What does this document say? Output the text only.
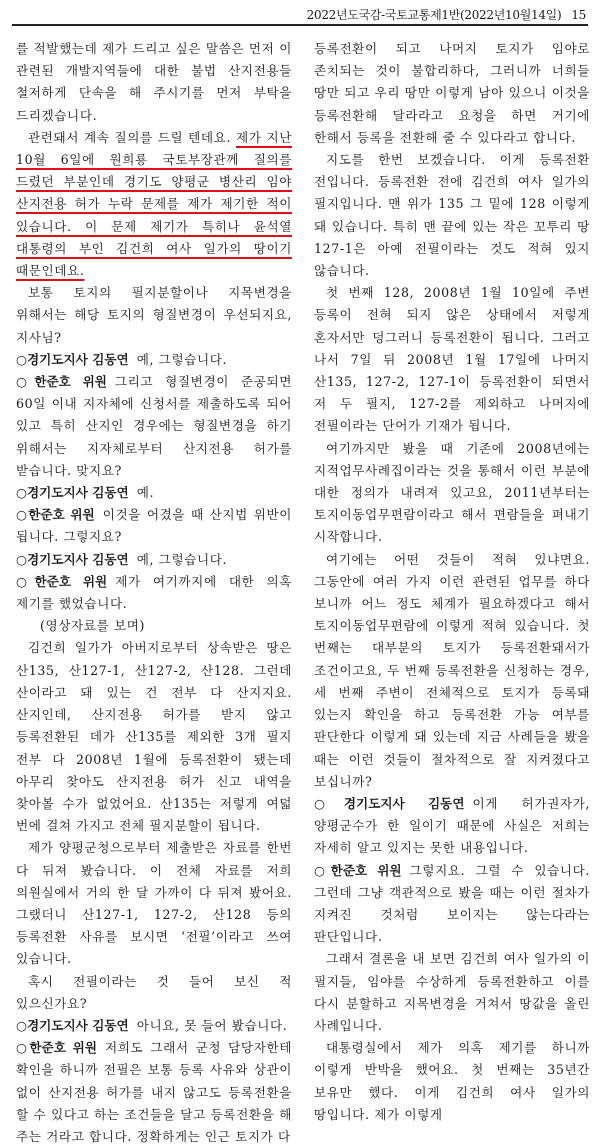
2022년도국감-국토교통제1반(2022년10월14일) 15

를 적발했는데 제가 드리고 싶은 말씀은 먼저 이 관련된 개발지역들에 대한 불법 산지전용들 철저하게 단속을 해 주시기를 먼저 부탁을 드리겠습니다.

관련돼서 계속 질의를 드릴 텐데요. 제가 지난 10월 6일에 원희룡 국토부장관께 질의를 드렸던 부분인데 경기도 양평군 병산리 임야 산지전용 허가 누락 문제를 제가 제기한 적이 있습니다. 이 문제 제기가 특히나 윤석열 대통령의 부인 김건희 여사 일가의 땅이기 때문인데요.

보통 토지의 필지분할이나 지목변경을 위해서는 해당 토지의 형질변경이 우선되지요, 지사님?

○경기도지사 김동연 예, 그렇습니다.

○한준호 위원 그리고 형질변경이 준공되면 60일 이내 지자체에 신청서를 제출하도록 되어 있고 특히 산지인 경우에는 형질변경을 하기 위해서는 지자체로부터 산지전용 허가를 받습니다. 맞지요?

○경기도지사 김동연 예.

○한준호 위원 이것을 어겼을 때 산지법 위반이 됩니다. 그렇지요?

○경기도지사 김동연 예, 그렇습니다.

○한준호 위원 제가 여기까지에 대한 의혹 제기를 했었습니다.

(영상자료를 보며)

김건희 일가가 아버지로부터 상속받은 땅은 산135, 산127-1, 산127-2, 산128. 그런데 산이라고 돼 있는 건 전부 다 산지지요. 산지인데, 산지전용 허가를 받지 않고 등록전환된 데가 산135를 제외한 3개 필지 전부 다 2008년 1월에 등록전환이 됐는데 아무리 찾아도 산지전용 허가 신고 내역을 찾아볼 수가 없었어요. 산135는 저렇게 여덟 번에 걸쳐 가지고 전체 필지분할이 됩니다.

제가 양평군청으로부터 제출받은 자료를 한번 다 뒤져 봤습니다. 이 전체 자료를 저희 의원실에서 거의 한 달 가까이 다 뒤져 봤어요. 그랬더니 산127-1, 127-2, 산128 등의 등록전환 사유를 보시면 ‘전필’이라고 쓰여 있습니다.

혹시 전필이라는 것 들어 보신 적 있으신가요?

○경기도지사 김동연 아니요, 못 들어 봤습니다.

○한준호 위원 저희도 그래서 군청 담당자한테 확인을 하니까 전필은 보통 등록 사유와 상관이 없이 산지전용 허가를 내지 않고도 등록전환을 할 수 있다고 하는 조건들을 달고 등록전환을 해 주는 거라고 합니다. 정확하게는 인근 토지가 다

등록전환이 되고 나머지 토지가 임야로 존치되는 것이 불합리하다, 그러니까 너희들 땅만 되고 우리 땅만 이렇게 남아 있으니 이것을 등록전환해 달라라고 요청을 하면 거기에 한해서 등록을 전환해 줄 수 있다라고 합니다.

지도를 한번 보겠습니다. 이게 등록전환 전입니다. 등록전환 전에 김건희 여사 일가의 필지입니다. 맨 위가 135 그 밑에 128 이렇게 돼 있습니다. 특히 맨 끝에 있는 작은 꼬투리 땅 127-1은 아예 전필이라는 것도 적혀 있지 않습니다.

첫 번째 128, 2008년 1월 10일에 주변 등록이 전혀 되지 않은 상태에서 저렇게 혼자서만 덩그러니 등록전환이 됩니다. 그러고 나서 7일 뒤 2008년 1월 17일에 나머지 산135, 127-2, 127-1이 등록전환이 되면서 저 두 필지, 127-2를 제외하고 나머지에 전필이라는 단어가 기재가 됩니다.

여기까지만 봤을 때 기존에 2008년에는 지적업무사례집이라는 것을 통해서 이런 부분에 대한 정의가 내려져 있고요, 2011년부터는 토지이동업무편람이라고 해서 편람들을 펴내기 시작합니다.

여기에는 어떤 것들이 적혀 있냐면요. 그동안에 여러 가지 이런 관련된 업무를 하다 보니까 어느 정도 체계가 필요하겠다고 해서 토지이동업무편람에 이렇게 적혀 있습니다. 첫 번째는 대부분의 토지가 등록전환돼서가 조건이고요, 두 번째 등록전환을 신청하는 경우, 세 번째 주변이 전체적으로 토지가 등록돼 있는지 확인을 하고 등록전환 가능 여부를 판단한다 이렇게 돼 있는데 지금 사례들을 봤을 때는 이런 것들이 절차적으로 잘 지켜졌다고 보십니까?

○경기도지사 김동연 이게 허가권자가, 양평군수가 한 일이기 때문에 사실은 저희는 자세히 알고 있지는 못한 내용입니다.

○한준호 위원 그렇지요. 그럴 수 있습니다. 그런데 그냥 객관적으로 봤을 때는 이런 절차가 지켜진 것처럼 보이지는 않는다라는 판단입니다.

그래서 결론을 내 보면 김건희 여사 일가의 이 필지들, 임야를 수상하게 등록전환하고 이를 다시 분할하고 지목변경을 거쳐서 땅값을 올린 사례입니다.

대통령실에서 제가 의혹 제기를 하니까 이렇게 반박을 했어요. 첫 번째는 35년간 보유만 했다. 이게 김건희 여사 일가의 땅입니다. 제가 이렇게
